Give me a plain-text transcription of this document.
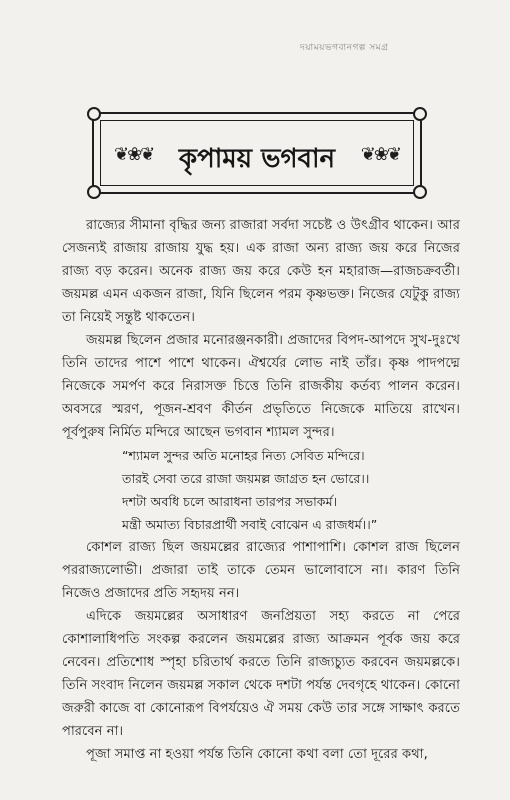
দয়াময়ভগবানগল্প সমগ্র
❦❀❦ কৃপাময় ভগবান	❦❀❦

রাজ্যের সীমানা বৃদ্ধির জন্য রাজারা সর্বদা সচেষ্ট ও উৎগ্রীব থাকেন। আর সেজন্যই রাজায় রাজায় যুদ্ধ হয়। এক রাজা অন্য রাজ্য জয় করে নিজের রাজ্য বড় করেন। অনেক রাজ্য জয় করে কেউ হন মহারাজ—রাজচক্রবর্তী। জয়মল্ল এমন একজন রাজা, যিনি ছিলেন পরম কৃষ্ণভক্ত। নিজের যেটুকু রাজ্য তা নিয়েই সন্তুষ্ট থাকতেন।

জয়মল্ল ছিলেন প্রজার মনোরঞ্জনকারী। প্রজাদের বিপদ-আপদে সুখ-দুঃখে তিনি তাদের পাশে পাশে থাকেন। ঐশ্বর্যের লোভ নাই তাঁর। কৃষ্ণ পাদপদ্মে নিজেকে সমর্পণ করে নিরাসক্ত চিত্তে তিনি রাজকীয় কর্তব্য পালন করেন। অবসরে স্মরণ, পূজন-শ্রবণ কীর্তন প্রভৃতিতে নিজেকে মাতিয়ে রাখেন। পূর্বপুরুষ নির্মিত মন্দিরে আছেন ভগবান শ্যামল সুন্দর।

“শ্যামল সুন্দর অতি মনোহর নিত্য সেবিত মন্দিরে।
তারই সেবা তরে রাজা জয়মল্ল জাগ্রত হন ভোরে।।
দশটা অবধি চলে আরাধনা তারপর সভাকর্ম।
মন্ত্রী অমাত্য বিচারপ্রার্থী সবাই বোঝেন এ রাজধর্ম।।”

কোশল রাজ্য ছিল জয়মল্লের রাজ্যের পাশাপাশি। কোশল রাজ ছিলেন পররাজ্যলোভী। প্রজারা তাই তাকে তেমন ভালোবাসে না। কারণ তিনি নিজেও প্রজাদের প্রতি সহৃদয় নন।

এদিকে জয়মল্লের অসাধারণ জনপ্রিয়তা সহ্য করতে না পেরে কোশালাধিপতি সংকল্প করলেন জয়মল্লের রাজ্য আক্রমন পূর্বক জয় করে নেবেন। প্রতিশোধ স্পৃহা চরিতার্থ করতে তিনি রাজ্যচ্যুত করবেন জয়মল্লকে। তিনি সংবাদ নিলেন জয়মল্ল সকাল থেকে দশটা পর্যন্ত দেবগৃহে থাকেন। কোনো জরুরী কাজে বা কোনোরূপ বিপর্যয়েও ঐ সময় কেউ তার সঙ্গে সাক্ষাৎ করতে পারবেন না।

পূজা সমাপ্ত না হওয়া পর্যন্ত তিনি কোনো কথা বলা তো দূরের কথা,
